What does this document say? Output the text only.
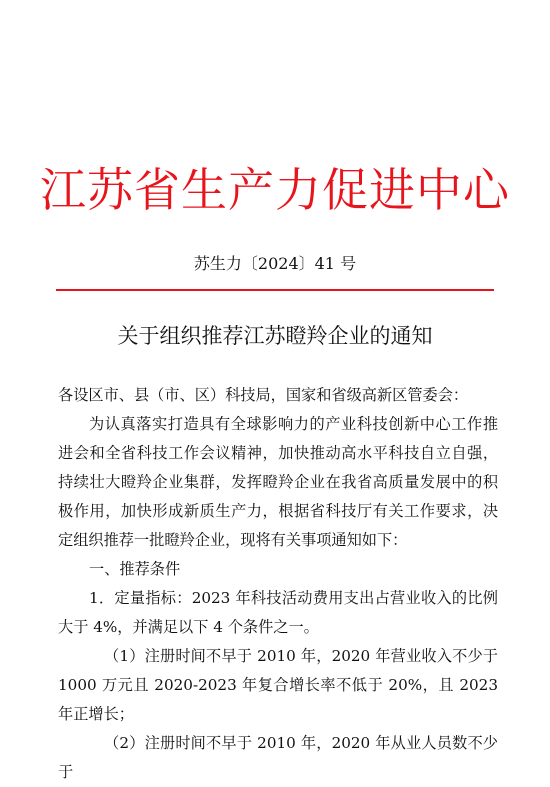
江苏省生产力促进中心
苏生力〔2024〕41 号
关于组织推荐江苏瞪羚企业的通知

各设区市、县（市、区）科技局，国家和省级高新区管委会：

为认真落实打造具有全球影响力的产业科技创新中心工作推进会和全省科技工作会议精神，加快推动高水平科技自立自强，持续壮大瞪羚企业集群，发挥瞪羚企业在我省高质量发展中的积极作用，加快形成新质生产力，根据省科技厅有关工作要求，决定组织推荐一批瞪羚企业，现将有关事项通知如下：

一、推荐条件

1．定量指标：2023 年科技活动费用支出占营业收入的比例大于 4%，并满足以下 4 个条件之一。

（1）注册时间不早于 2010 年，2020 年营业收入不少于 1000 万元且 2020-2023 年复合增长率不低于 20%，且 2023 年正增长；

（2）注册时间不早于 2010 年，2020 年从业人员数不少于
